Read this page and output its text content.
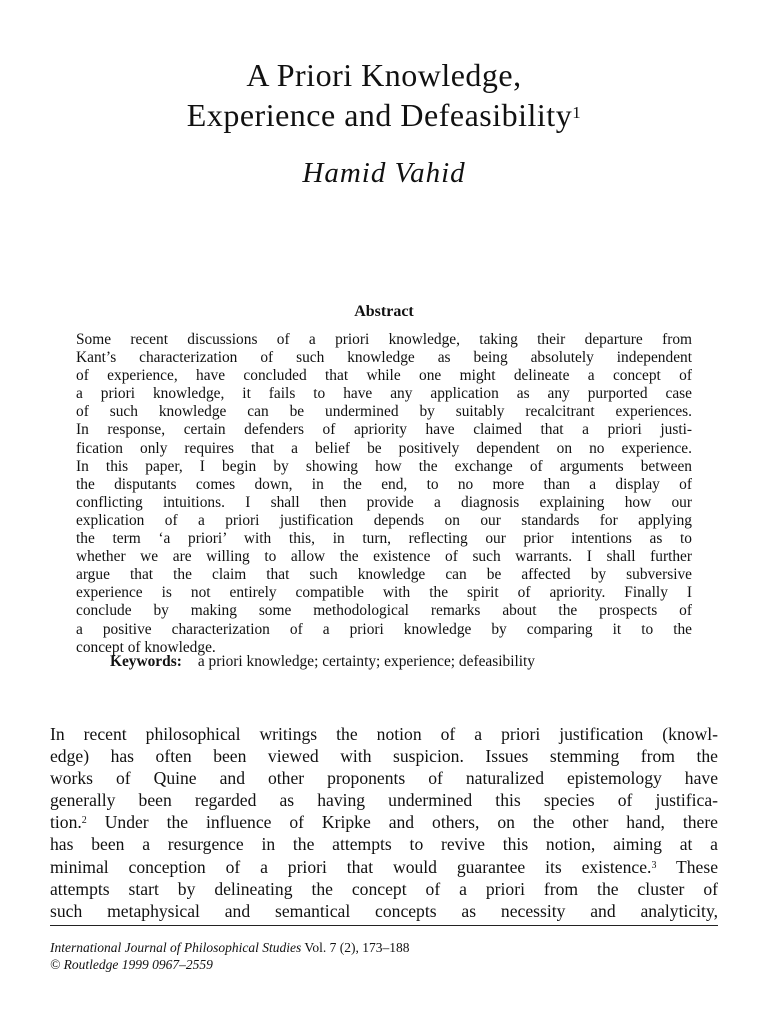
A Priori Knowledge,
Experience and Defeasibility$^1$
Hamid Vahid
Abstract
Some recent discussions of a priori knowledge, taking their departure from
Kant’s characterization of such knowledge as being absolutely independent
of experience, have concluded that while one might delineate a concept of
a priori knowledge, it fails to have any application as any purported case
of such knowledge can be undermined by suitably recalcitrant experiences.
In response, certain defenders of apriority have claimed that a priori justi-
fication only requires that a belief be positively dependent on no experience.
In this paper, I begin by showing how the exchange of arguments between
the disputants comes down, in the end, to no more than a display of
conflicting intuitions. I shall then provide a diagnosis explaining how our
explication of a priori justification depends on our standards for applying
the term ‘a priori’ with this, in turn, reflecting our prior intentions as to
whether we are willing to allow the existence of such warrants. I shall further
argue that the claim that such knowledge can be affected by subversive
experience is not entirely compatible with the spirit of apriority. Finally I
conclude by making some methodological remarks about the prospects of
a positive characterization of a priori knowledge by comparing it to the
concept of knowledge.
Keywords: a priori knowledge; certainty; experience; defeasibility
In recent philosophical writings the notion of a priori justification (knowl-
edge) has often been viewed with suspicion. Issues stemming from the
works of Quine and other proponents of naturalized epistemology have
generally been regarded as having undermined this species of justifica-
tion.$^2$ Under the influence of Kripke and others, on the other hand, there
has been a resurgence in the attempts to revive this notion, aiming at a
minimal conception of a priori that would guarantee its existence.$^3$ These
attempts start by delineating the concept of a priori from the cluster of
such metaphysical and semantical concepts as necessity and analyticity,
International Journal of Philosophical Studies Vol. 7 (2), 173–188
© Routledge 1999 0967–2559
